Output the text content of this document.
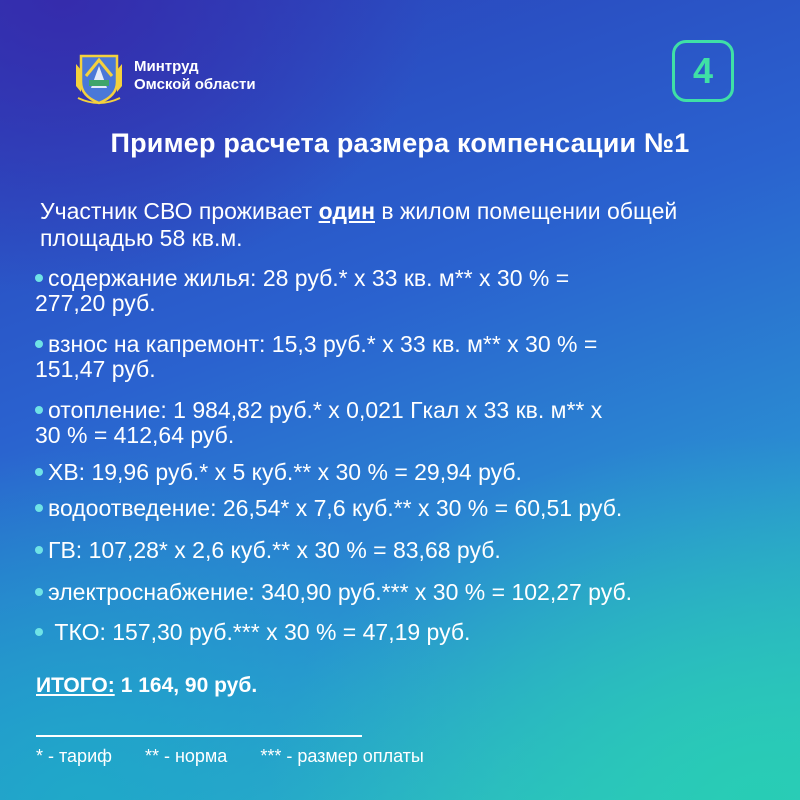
Минтруд
Омской области	4
Пример расчета размера компенсации №1
Участник СВО проживает один в жилом помещении общей площадью 58 кв.м.
содержание жилья: 28 руб.* х 33 кв. м** х 30 % =
277,20 руб.
взнос на капремонт: 15,3 руб.* х 33 кв. м** х 30 % =
151,47 руб.
отопление: 1 984,82 руб.* х 0,021 Гкал х 33 кв. м** х
30 % = 412,64 руб.
ХВ: 19,96 руб.* х 5 куб.** х 30 % = 29,94 руб.
водоотведение: 26,54* х 7,6 куб.** х 30 % = 60,51 руб.
ГВ: 107,28* х 2,6 куб.** х 30 % = 83,68 руб.
электроснабжение: 340,90 руб.*** х 30 % = 102,27 руб.
ТКО: 157,30 руб.*** х 30 % = 47,19 руб.
ИТОГО: 1 164, 90 руб.
* - тариф ** - норма *** - размер оплаты
